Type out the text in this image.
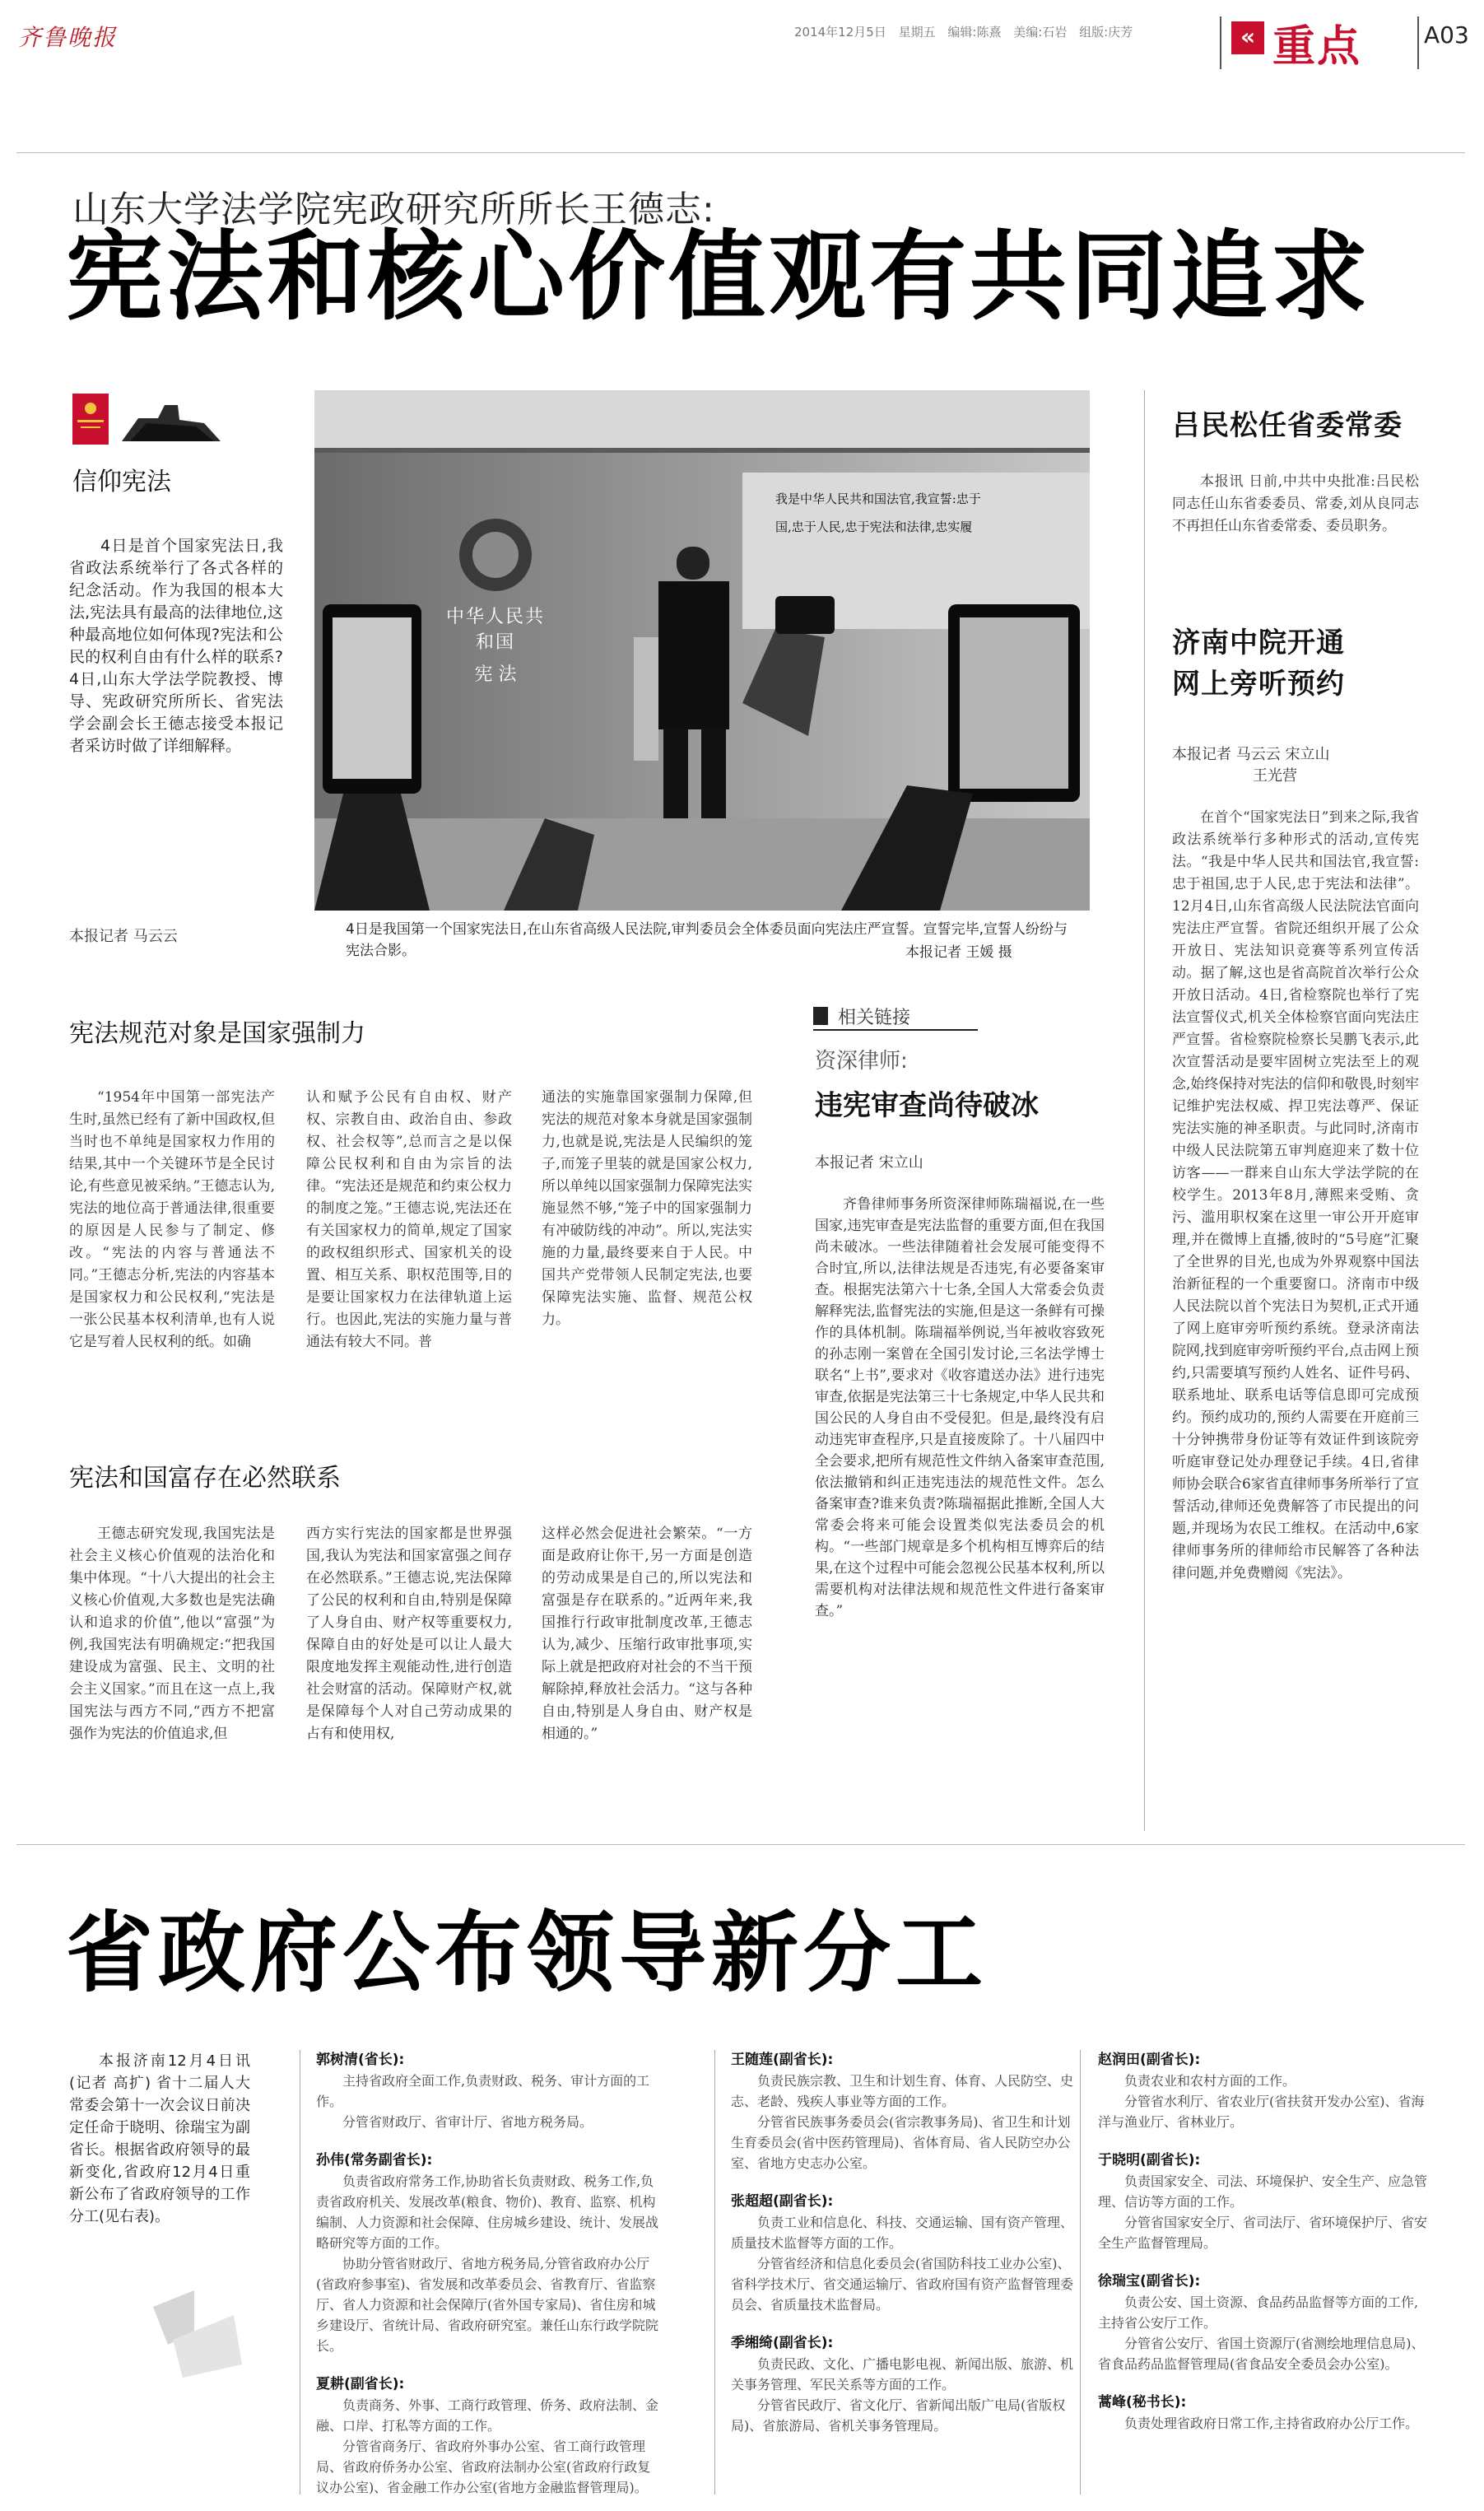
齐鲁晚报	2014年12月5日 星期五 编辑:陈熹 美编:石岩 组版:庆芳	« 重点	A03
山东大学法学院宪政研究所所长王德志:
宪法和核心价值观有共同追求
信仰宪法
4日是首个国家宪法日,我省政法系统举行了各式各样的纪念活动。作为我国的根本大法,宪法具有最高的法律地位,这种最高地位如何体现?宪法和公民的权利自由有什么样的联系?4日,山东大学法学院教授、博导、宪政研究所所长、省宪法学会副会长王德志接受本报记者采访时做了详细解释。
本报记者 马云云
我是中华人民共和国法官,我宣誓:忠于
国,忠于人民,忠于宪法和法律,忠实履
中华人民共和国
宪 法
4日是我国第一个国家宪法日,在山东省高级人民法院,审判委员会全体委员面向宪法庄严宣誓。宣誓完毕,宣誓人纷纷与宪法合影。	本报记者 王媛 摄
吕民松任省委常委
本报讯 日前,中共中央批准:吕民松同志任山东省委委员、常委,刘从良同志不再担任山东省委常委、委员职务。
济南中院开通
网上旁听预约
本报记者 马云云 宋立山
王光营
在首个“国家宪法日”到来之际,我省政法系统举行多种形式的活动,宣传宪法。“我是中华人民共和国法官,我宣誓:忠于祖国,忠于人民,忠于宪法和法律”。12月4日,山东省高级人民法院法官面向宪法庄严宣誓。省院还组织开展了公众开放日、宪法知识竞赛等系列宣传活动。据了解,这也是省高院首次举行公众开放日活动。4日,省检察院也举行了宪法宣誓仪式,机关全体检察官面向宪法庄严宣誓。省检察院检察长吴鹏飞表示,此次宣誓活动是要牢固树立宪法至上的观念,始终保持对宪法的信仰和敬畏,时刻牢记维护宪法权威、捍卫宪法尊严、保证宪法实施的神圣职责。与此同时,济南市中级人民法院第五审判庭迎来了数十位访客——一群来自山东大学法学院的在校学生。2013年8月,薄熙来受贿、贪污、滥用职权案在这里一审公开开庭审理,并在微博上直播,彼时的“5号庭”汇聚了全世界的目光,也成为外界观察中国法治新征程的一个重要窗口。济南市中级人民法院以首个宪法日为契机,正式开通了网上庭审旁听预约系统。登录济南法院网,找到庭审旁听预约平台,点击网上预约,只需要填写预约人姓名、证件号码、联系地址、联系电话等信息即可完成预约。预约成功的,预约人需要在开庭前三十分钟携带身份证等有效证件到该院旁听庭审登记处办理登记手续。4日,省律师协会联合6家省直律师事务所举行了宣誓活动,律师还免费解答了市民提出的问题,并现场为农民工维权。在活动中,6家律师事务所的律师给市民解答了各种法律问题,并免费赠阅《宪法》。
宪法规范对象是国家强制力
“1954年中国第一部宪法产生时,虽然已经有了新中国政权,但当时也不单纯是国家权力作用的结果,其中一个关键环节是全民讨论,有些意见被采纳。”王德志认为,宪法的地位高于普通法律,很重要的原因是人民参与了制定、修改。“宪法的内容与普通法不同。”王德志分析,宪法的内容基本是国家权力和公民权利,“宪法是一张公民基本权利清单,也有人说它是写着人民权利的纸。如确
认和赋予公民有自由权、财产权、宗教自由、政治自由、参政权、社会权等”,总而言之是以保障公民权利和自由为宗旨的法律。“宪法还是规范和约束公权力的制度之笼。”王德志说,宪法还在有关国家权力的简单,规定了国家的政权组织形式、国家机关的设置、相互关系、职权范围等,目的是要让国家权力在法律轨道上运行。也因此,宪法的实施力量与普通法有较大不同。普
通法的实施靠国家强制力保障,但宪法的规范对象本身就是国家强制力,也就是说,宪法是人民编织的笼子,而笼子里装的就是国家公权力,所以单纯以国家强制力保障宪法实施显然不够,“笼子中的国家强制力有冲破防线的冲动”。所以,宪法实施的力量,最终要来自于人民。中国共产党带领人民制定宪法,也要保障宪法实施、监督、规范公权力。
宪法和国富存在必然联系
王德志研究发现,我国宪法是社会主义核心价值观的法治化和集中体现。“十八大提出的社会主义核心价值观,大多数也是宪法确认和追求的价值”,他以“富强”为例,我国宪法有明确规定:“把我国建设成为富强、民主、文明的社会主义国家。”而且在这一点上,我国宪法与西方不同,“西方不把富强作为宪法的价值追求,但
西方实行宪法的国家都是世界强国,我认为宪法和国家富强之间存在必然联系。”王德志说,宪法保障了公民的权利和自由,特别是保障了人身自由、财产权等重要权力,保障自由的好处是可以让人最大限度地发挥主观能动性,进行创造社会财富的活动。保障财产权,就是保障每个人对自己劳动成果的占有和使用权,
这样必然会促进社会繁荣。“一方面是政府让你干,另一方面是创造的劳动成果是自己的,所以宪法和富强是存在联系的。”近两年来,我国推行行政审批制度改革,王德志认为,减少、压缩行政审批事项,实际上就是把政府对社会的不当干预解除掉,释放社会活力。“这与各种自由,特别是人身自由、财产权是相通的。”
相关链接
资深律师:
违宪审查尚待破冰
本报记者 宋立山
齐鲁律师事务所资深律师陈瑞福说,在一些国家,违宪审查是宪法监督的重要方面,但在我国尚未破冰。一些法律随着社会发展可能变得不合时宜,所以,法律法规是否违宪,有必要备案审查。根据宪法第六十七条,全国人大常委会负责解释宪法,监督宪法的实施,但是这一条鲜有可操作的具体机制。陈瑞福举例说,当年被收容致死的孙志刚一案曾在全国引发讨论,三名法学博士联名“上书”,要求对《收容遣送办法》进行违宪审查,依据是宪法第三十七条规定,中华人民共和国公民的人身自由不受侵犯。但是,最终没有启动违宪审查程序,只是直接废除了。十八届四中全会要求,把所有规范性文件纳入备案审查范围,依法撤销和纠正违宪违法的规范性文件。怎么备案审查?谁来负责?陈瑞福据此推断,全国人大常委会将来可能会设置类似宪法委员会的机构。“一些部门规章是多个机构相互博弈后的结果,在这个过程中可能会忽视公民基本权利,所以需要机构对法律法规和规范性文件进行备案审查。”
省政府公布领导新分工
本报济南12月4日讯(记者 高扩) 省十二届人大常委会第十一次会议日前决定任命于晓明、徐瑞宝为副省长。根据省政府领导的最新变化,省政府12月4日重新公布了省政府领导的工作分工(见右表)。
郭树清(省长):

主持省政府全面工作,负责财政、税务、审计方面的工作。

分管省财政厅、省审计厅、省地方税务局。

孙伟(常务副省长):

负责省政府常务工作,协助省长负责财政、税务工作,负责省政府机关、发展改革(粮食、物价)、教育、监察、机构编制、人力资源和社会保障、住房城乡建设、统计、发展战略研究等方面的工作。

协助分管省财政厅、省地方税务局,分管省政府办公厅(省政府参事室)、省发展和改革委员会、省教育厅、省监察厅、省人力资源和社会保障厅(省外国专家局)、省住房和城乡建设厅、省统计局、省政府研究室。兼任山东行政学院院长。

夏耕(副省长):

负责商务、外事、工商行政管理、侨务、政府法制、金融、口岸、打私等方面的工作。

分管省商务厅、省政府外事办公室、省工商行政管理局、省政府侨务办公室、省政府法制办公室(省政府行政复议办公室)、省金融工作办公室(省地方金融监督管理局)。

王随莲(副省长):

负责民族宗教、卫生和计划生育、体育、人民防空、史志、老龄、残疾人事业等方面的工作。

分管省民族事务委员会(省宗教事务局)、省卫生和计划生育委员会(省中医药管理局)、省体育局、省人民防空办公室、省地方史志办公室。

张超超(副省长):

负责工业和信息化、科技、交通运输、国有资产管理、质量技术监督等方面的工作。

分管省经济和信息化委员会(省国防科技工业办公室)、省科学技术厅、省交通运输厅、省政府国有资产监督管理委员会、省质量技术监督局。

季缃绮(副省长):

负责民政、文化、广播电影电视、新闻出版、旅游、机关事务管理、军民关系等方面的工作。

分管省民政厅、省文化厅、省新闻出版广电局(省版权局)、省旅游局、省机关事务管理局。

赵润田(副省长):

负责农业和农村方面的工作。

分管省水利厅、省农业厅(省扶贫开发办公室)、省海洋与渔业厅、省林业厅。

于晓明(副省长):

负责国家安全、司法、环境保护、安全生产、应急管理、信访等方面的工作。

分管省国家安全厅、省司法厅、省环境保护厅、省安全生产监督管理局。

徐瑞宝(副省长):

负责公安、国土资源、食品药品监督等方面的工作,主持省公安厅工作。

分管省公安厅、省国土资源厅(省测绘地理信息局)、省食品药品监督管理局(省食品安全委员会办公室)。

蒿峰(秘书长):

负责处理省政府日常工作,主持省政府办公厅工作。
